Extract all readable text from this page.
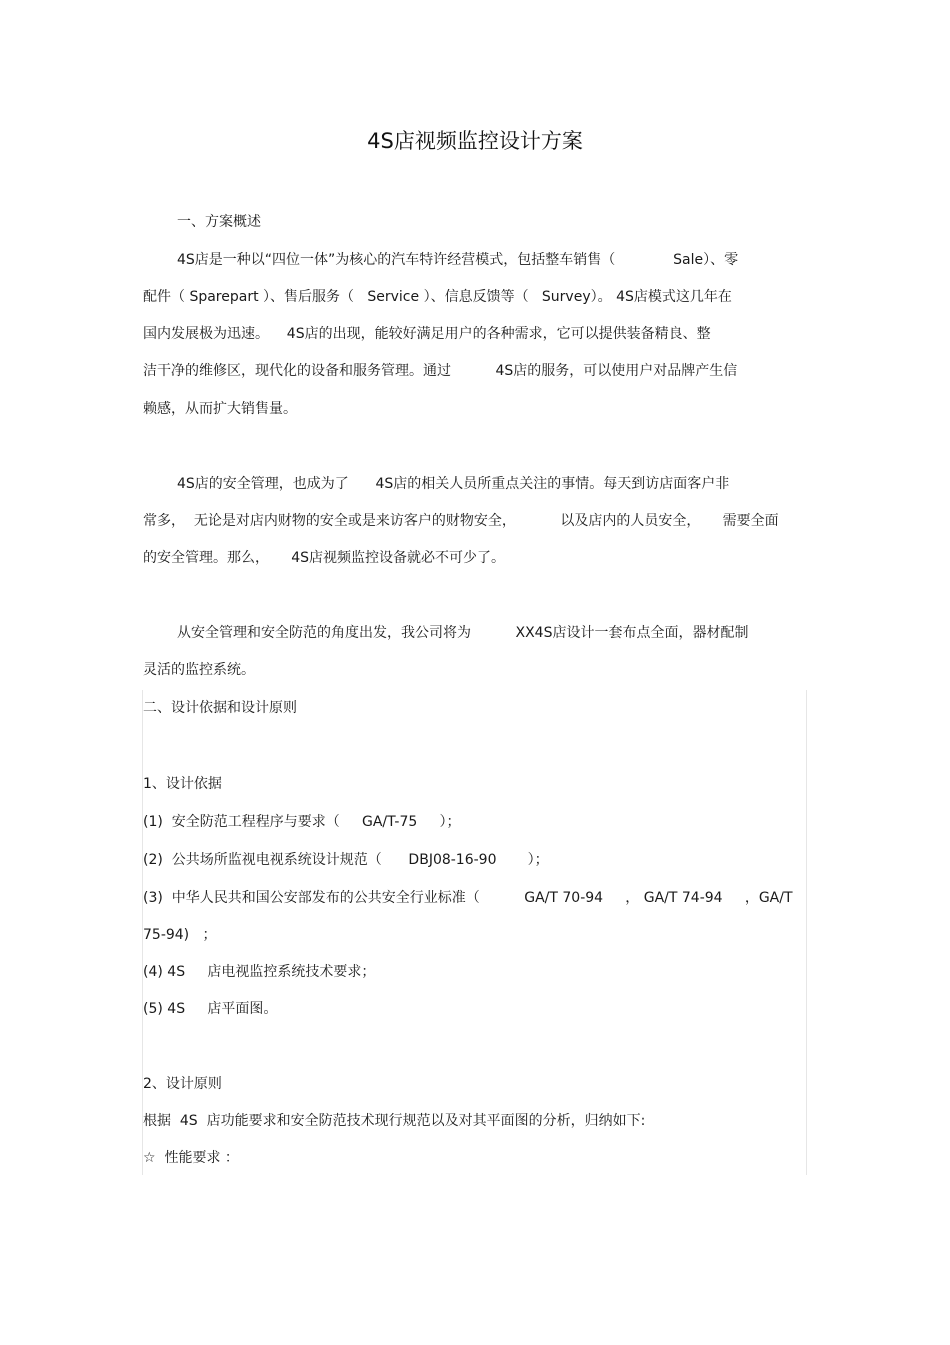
4S店视频监控设计方案
一、方案概述
4S店是一种以“四位一体”为核心的汽车特许经营模式，包括整车销售（             Sale）、零
配件（ Sparepart ）、售后服务（   Service ）、信息反馈等（   Survey）。 4S店模式这几年在
国内发展极为迅速。    4S店的出现，能较好满足用户的各种需求，它可以提供装备精良、整
洁干净的维修区，现代化的设备和服务管理。通过          4S店的服务，可以使用户对品牌产生信
赖感，从而扩大销售量。
4S店的安全管理，也成为了      4S店的相关人员所重点关注的事情。每天到访店面客户非
常多，  无论是对店内财物的安全或是来访客户的财物安全，          以及店内的人员安全，     需要全面
的安全管理。那么，     4S店视频监控设备就必不可少了。
从安全管理和安全防范的角度出发，我公司将为          XX4S店设计一套布点全面，器材配制
灵活的监控系统。
二、设计依据和设计原则
1、设计依据
(1)  安全防范工程程序与要求（     GA/T-75     ）；
(2)  公共场所监视电视系统设计规范（      DBJ08-16-90       ）；
(3)  中华人民共和国公安部发布的公共安全行业标准（          GA/T 70-94     ， GA/T 74-94     ，GA/T
75-94)   ；
(4) 4S     店电视监控系统技术要求；
(5) 4S     店平面图。
2、设计原则
根据  4S  店功能要求和安全防范技术现行规范以及对其平面图的分析，归纳如下:
☆  性能要求 ：
